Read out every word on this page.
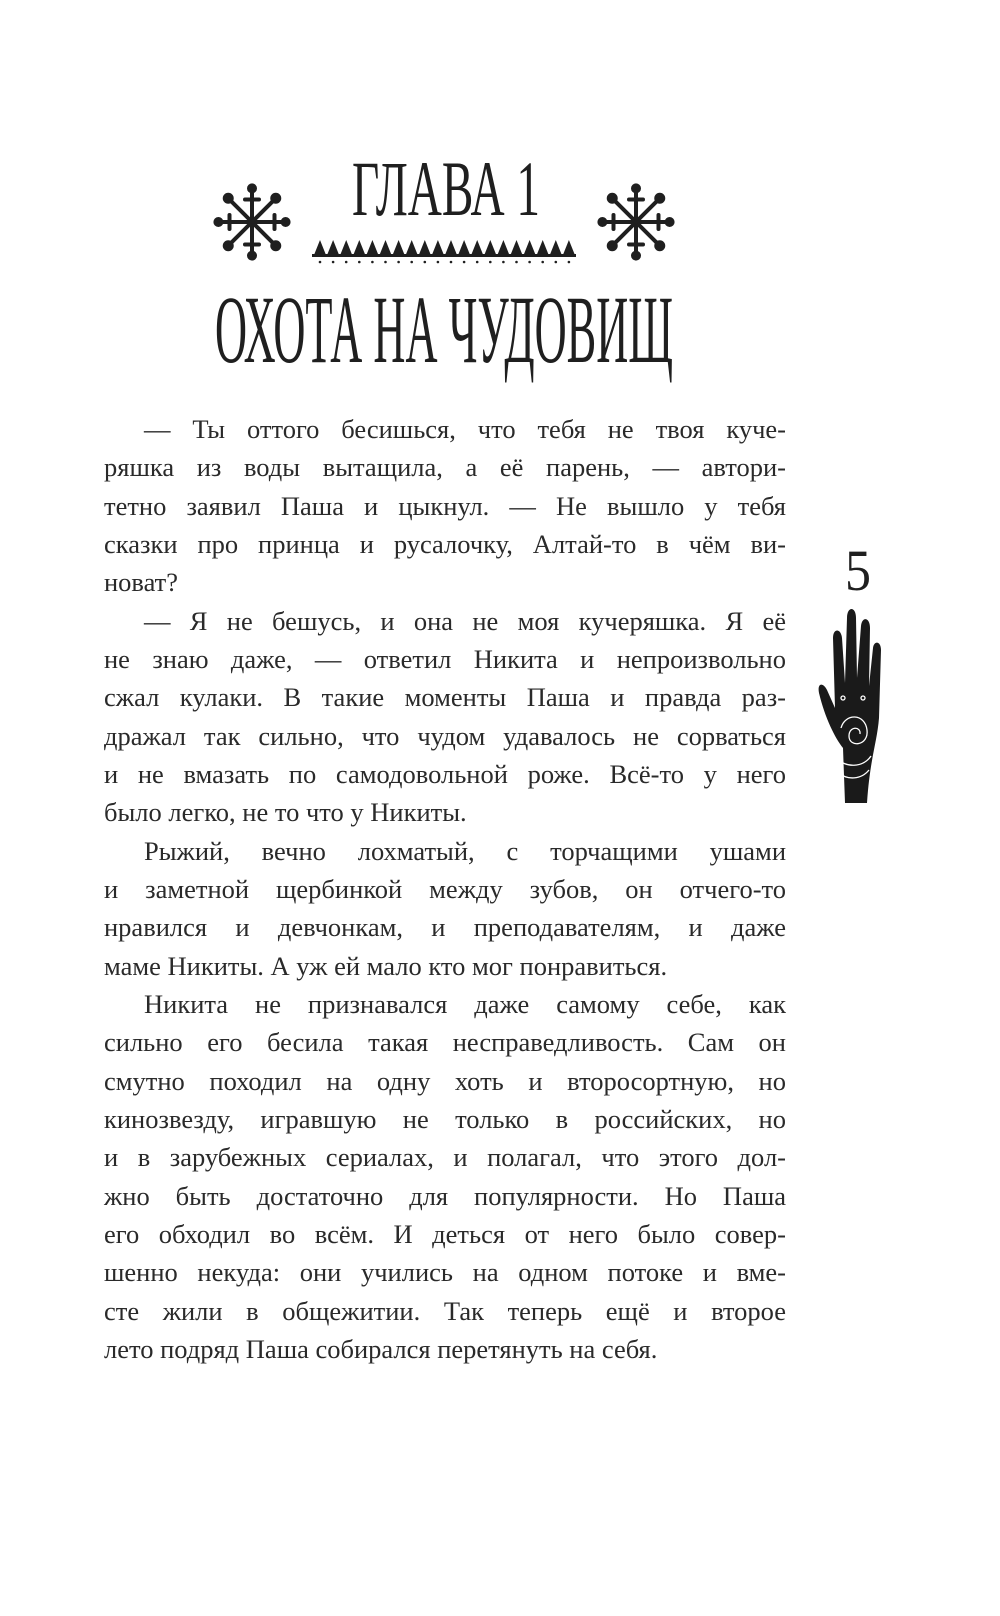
ГЛАВА 1
ОХОТА НА ЧУДОВИЩ
— Ты оттого бесишься, что тебя не твоя куче-
ряшка из воды вытащила, а её парень, — автори-
тетно заявил Паша и цыкнул. — Не вышло у тебя
сказки про принца и русалочку, Алтай-то в чём ви-
новат?
— Я не бешусь, и она не моя кучеряшка. Я её
не знаю даже, — ответил Никита и непроизвольно
сжал кулаки. В такие моменты Паша и правда раз-
дражал так сильно, что чудом удавалось не сорваться
и не вмазать по самодовольной роже. Всё-то у него
было легко, не то что у Никиты.
Рыжий, вечно лохматый, с торчащими ушами
и заметной щербинкой между зубов, он отчего-то
нравился и девчонкам, и преподавателям, и даже
маме Никиты. А уж ей мало кто мог понравиться.
Никита не признавался даже самому себе, как
сильно его бесила такая несправедливость. Сам он
смутно походил на одну хоть и второсортную, но
кинозвезду, игравшую не только в российских, но
и в зарубежных сериалах, и полагал, что этого дол-
жно быть достаточно для популярности. Но Паша
его обходил во всём. И деться от него было совер-
шенно некуда: они учились на одном потоке и вме-
сте жили в общежитии. Так теперь ещё и второе
лето подряд Паша собирался перетянуть на себя.
5
